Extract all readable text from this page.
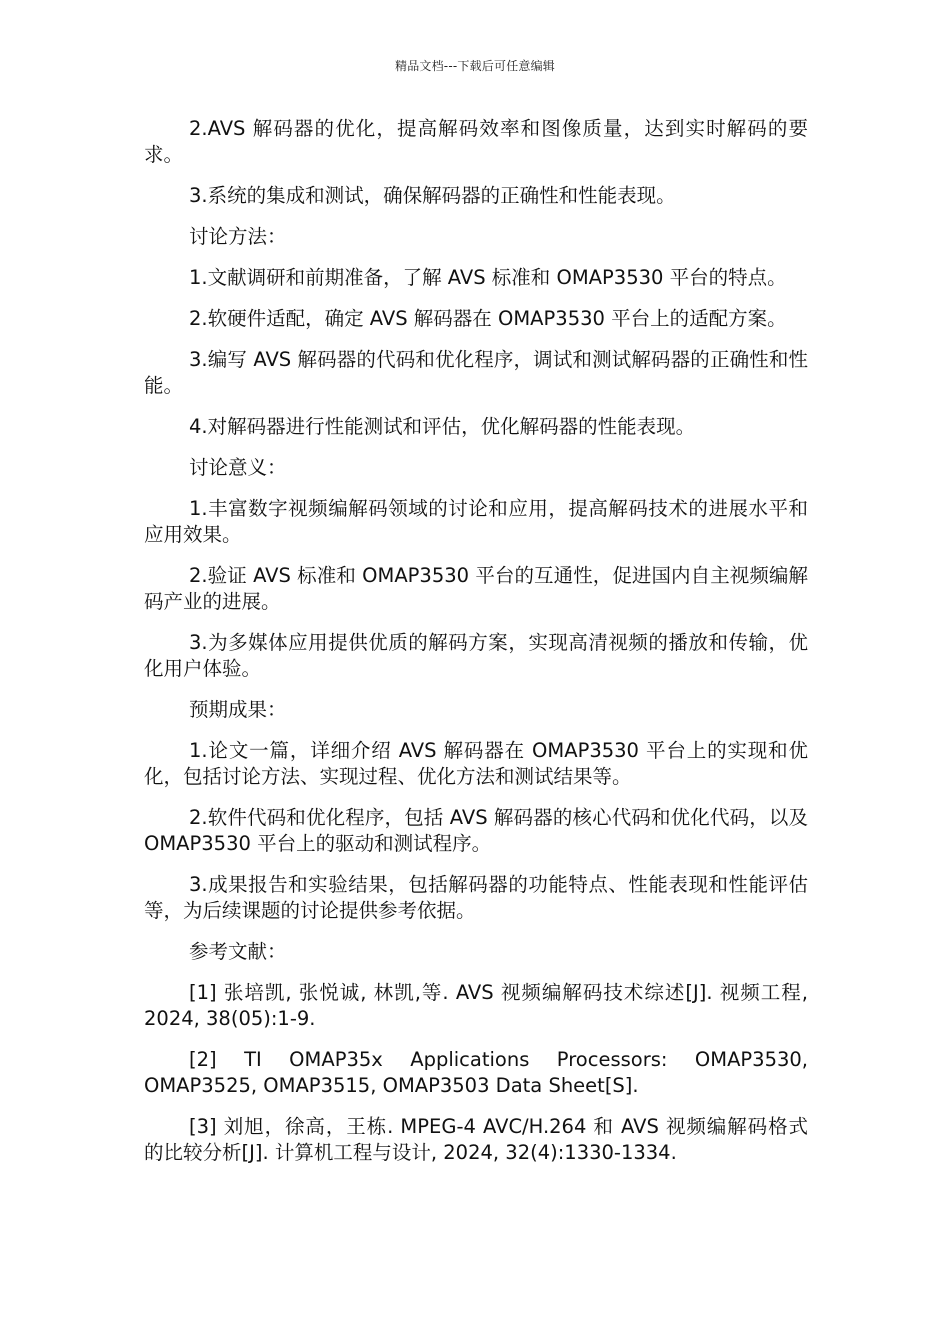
精品文档---下载后可任意编辑

2.AVS 解码器的优化，提高解码效率和图像质量，达到实时解码的要求。

3.系统的集成和测试，确保解码器的正确性和性能表现。

讨论方法：

1.文献调研和前期准备，了解 AVS 标准和 OMAP3530 平台的特点。

2.软硬件适配，确定 AVS 解码器在 OMAP3530 平台上的适配方案。

3.编写 AVS 解码器的代码和优化程序，调试和测试解码器的正确性和性能。

4.对解码器进行性能测试和评估，优化解码器的性能表现。

讨论意义：

1.丰富数字视频编解码领域的讨论和应用，提高解码技术的进展水平和应用效果。

2.验证 AVS 标准和 OMAP3530 平台的互通性，促进国内自主视频编解码产业的进展。

3.为多媒体应用提供优质的解码方案，实现高清视频的播放和传输，优化用户体验。

预期成果：

1.论文一篇，详细介绍 AVS 解码器在 OMAP3530 平台上的实现和优化，包括讨论方法、实现过程、优化方法和测试结果等。

2.软件代码和优化程序，包括 AVS 解码器的核心代码和优化代码，以及 OMAP3530 平台上的驱动和测试程序。

3.成果报告和实验结果，包括解码器的功能特点、性能表现和性能评估等，为后续课题的讨论提供参考依据。

参考文献：

[1] 张培凯, 张悦诚, 林凯,等. AVS 视频编解码技术综述[J]. 视频工程, 2024, 38(05):1-9.

[2] TI OMAP35x Applications Processors: OMAP3530, OMAP3525, OMAP3515, OMAP3503 Data Sheet[S].

[3] 刘旭，徐高，王栋. MPEG-4 AVC/H.264 和 AVS 视频编解码格式的比较分析[J]. 计算机工程与设计, 2024, 32(4):1330-1334.
